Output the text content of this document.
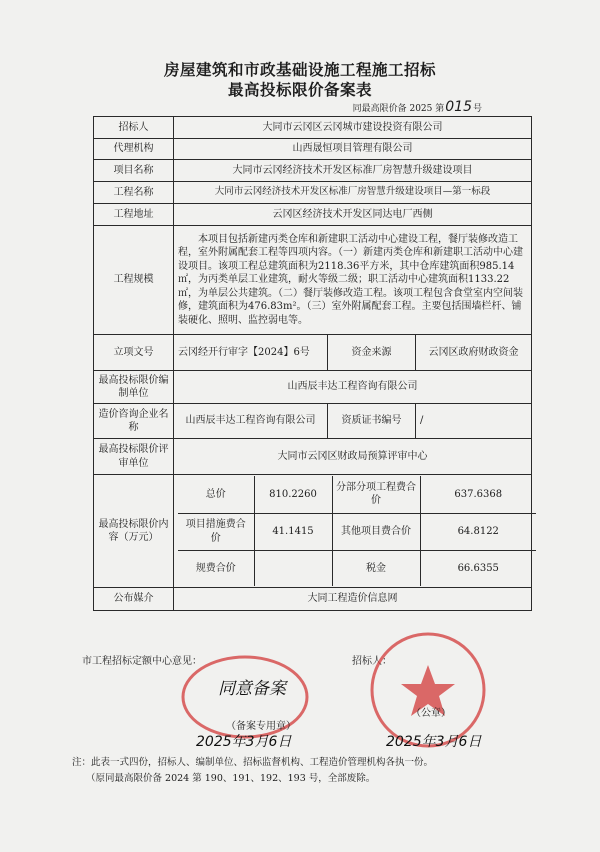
房屋建筑和市政基础设施工程施工招标
最高投标限价备案表
同最高限价备 2025 第015号
招标人	大同市云冈区云冈城市建设投资有限公司
代理机构	山西晟恒项目管理有限公司
项目名称	大同市云冈经济技术开发区标准厂房智慧升级建设项目
工程名称	大同市云冈经济技术开发区标准厂房智慧升级建设项目—第一标段
工程地址	云冈区经济技术开发区同达电厂西侧
工程规模	本项目包括新建丙类仓库和新建职工活动中心建设工程，餐厅装修改造工程，室外附属配套工程等四项内容。（一）新建丙类仓库和新建职工活动中心建设项目。该项工程总建筑面积为2118.36平方米，其中仓库建筑面积985.14㎡，为丙类单层工业建筑，耐火等级二级；职工活动中心建筑面积1133.22㎡，为单层公共建筑。（二）餐厅装修改造工程。该项工程包含食堂室内空间装修，建筑面积为476.83m²。（三）室外附属配套工程。主要包括围墙栏杆、铺装硬化、照明、监控弱电等。
立项文号	云冈经开行审字【2024】6号	资金来源	云冈区政府财政资金
最高投标限价编制单位	山西辰丰达工程咨询有限公司
造价咨询企业名称	山西辰丰达工程咨询有限公司	资质证书编号	/
最高投标限价评审单位	大同市云冈区财政局预算评审中心
最高投标限价内容（万元）	
总价	810.2260	分部分项工程费合价	637.6368
项目措施费合价	41.1415	其他项目费合价	64.8122
规费合价		税金	66.6355

公布媒介	大同工程造价信息网
市工程招标定额中心意见：	招标人：
同意备案
（备案专用章）
2025年3月6日
（公章）
2025年3月6日
注：此表一式四份，招标人、编制单位、招标监督机构、工程造价管理机构各执一份。
（原同最高限价备 2024 第 190、191、192、193 号，全部废除。
